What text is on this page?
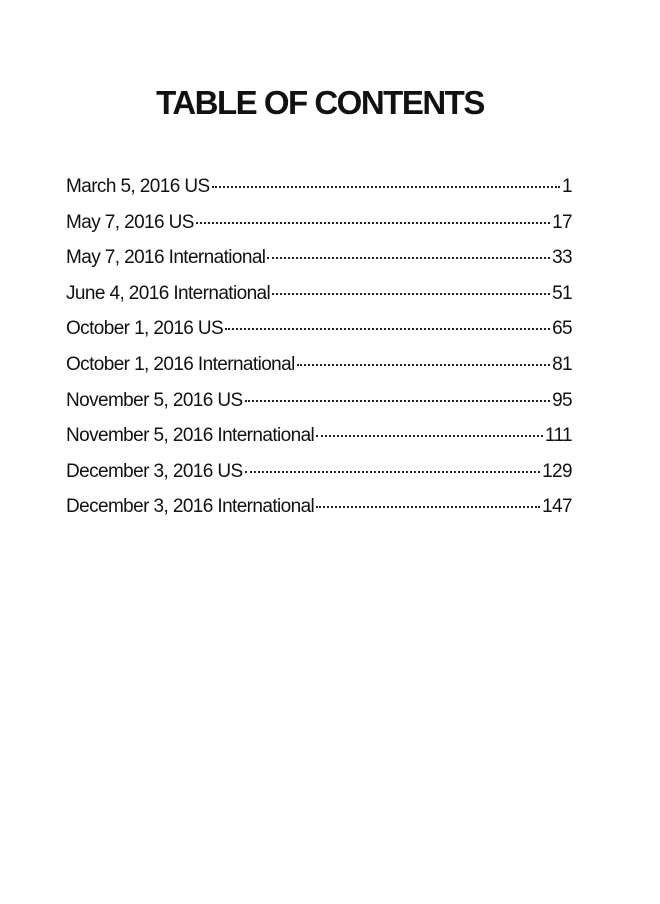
TABLE OF CONTENTS
March 5, 2016 US	1
May 7, 2016 US	17
May 7, 2016 International	33
June 4, 2016 International	51
October 1, 2016 US	65
October 1, 2016 International	81
November 5, 2016 US	95
November 5, 2016 International	111
December 3, 2016 US	129
December 3, 2016 International	147
